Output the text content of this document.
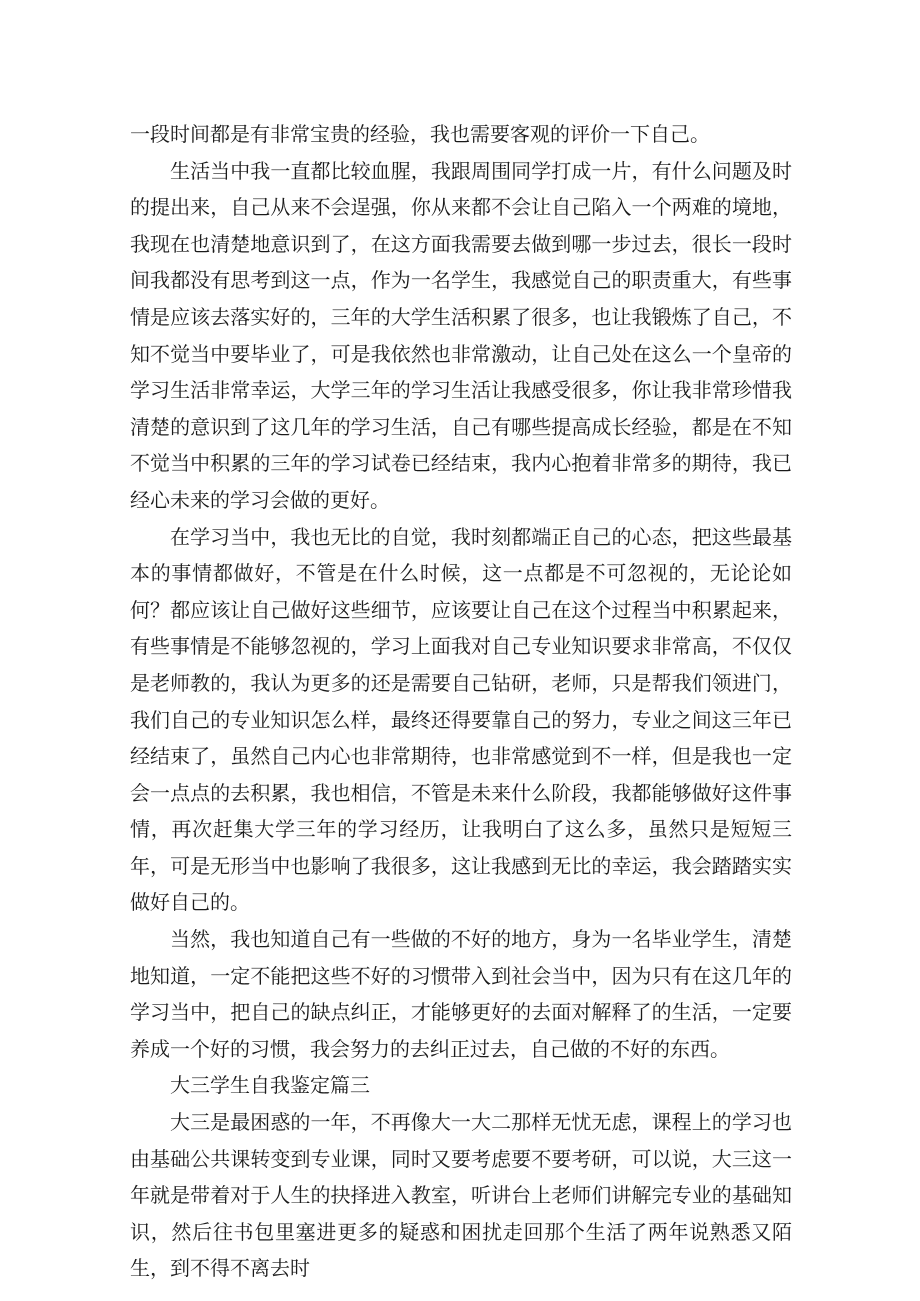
一段时间都是有非常宝贵的经验，我也需要客观的评价一下自己。

生活当中我一直都比较血腥，我跟周围同学打成一片，有什么问题及时的提出来，自己从来不会逞强，你从来都不会让自己陷入一个两难的境地，我现在也清楚地意识到了，在这方面我需要去做到哪一步过去，很长一段时间我都没有思考到这一点，作为一名学生，我感觉自己的职责重大，有些事情是应该去落实好的，三年的大学生活积累了很多，也让我锻炼了自己，不知不觉当中要毕业了，可是我依然也非常激动，让自己处在这么一个皇帝的学习生活非常幸运，大学三年的学习生活让我感受很多，你让我非常珍惜我清楚的意识到了这几年的学习生活，自己有哪些提高成长经验，都是在不知不觉当中积累的三年的学习试卷已经结束，我内心抱着非常多的期待，我已经心未来的学习会做的更好。

在学习当中，我也无比的自觉，我时刻都端正自己的心态，把这些最基本的事情都做好，不管是在什么时候，这一点都是不可忽视的，无论论如何？都应该让自己做好这些细节，应该要让自己在这个过程当中积累起来，有些事情是不能够忽视的，学习上面我对自己专业知识要求非常高，不仅仅是老师教的，我认为更多的还是需要自己钻研，老师，只是帮我们领进门，我们自己的专业知识怎么样，最终还得要靠自己的努力，专业之间这三年已经结束了，虽然自己内心也非常期待，也非常感觉到不一样，但是我也一定会一点点的去积累，我也相信，不管是未来什么阶段，我都能够做好这件事情，再次赶集大学三年的学习经历，让我明白了这么多，虽然只是短短三年，可是无形当中也影响了我很多，这让我感到无比的幸运，我会踏踏实实做好自己的。

当然，我也知道自己有一些做的不好的地方，身为一名毕业学生，清楚地知道，一定不能把这些不好的习惯带入到社会当中，因为只有在这几年的学习当中，把自己的缺点纠正，才能够更好的去面对解释了的生活，一定要养成一个好的习惯，我会努力的去纠正过去，自己做的不好的东西。

大三学生自我鉴定篇三

大三是最困惑的一年，不再像大一大二那样无忧无虑，课程上的学习也由基础公共课转变到专业课，同时又要考虑要不要考研，可以说，大三这一年就是带着对于人生的抉择进入教室，听讲台上老师们讲解完专业的基础知识，然后往书包里塞进更多的疑惑和困扰走回那个生活了两年说熟悉又陌生，到不得不离去时
